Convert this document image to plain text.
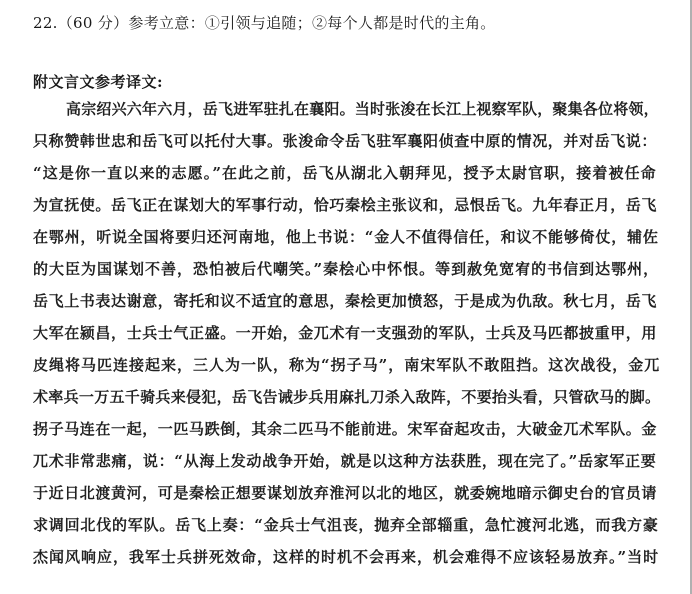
22.（60 分）参考立意：①引领与追随；②每个人都是时代的主角。
附文言文参考译文:
高宗绍兴六年六月，岳飞进军驻扎在襄阳。当时张浚在长江上视察军队，聚集各位将领，
只称赞韩世忠和岳飞可以托付大事。张浚命令岳飞驻军襄阳侦查中原的情况，并对岳飞说：
“这是你一直以来的志愿。”在此之前，岳飞从湖北入朝拜见，授予太尉官职，接着被任命
为宣抚使。岳飞正在谋划大的军事行动，恰巧秦桧主张议和，忌恨岳飞。九年春正月，岳飞
在鄂州，听说全国将要归还河南地，他上书说：“金人不值得信任，和议不能够倚仗，辅佐
的大臣为国谋划不善，恐怕被后代嘲笑。”秦桧心中怀恨。等到赦免宽宥的书信到达鄂州，
岳飞上书表达谢意，寄托和议不适宜的意思，秦桧更加愤怒，于是成为仇敌。秋七月，岳飞
大军在颍昌，士兵士气正盛。一开始，金兀术有一支强劲的军队，士兵及马匹都披重甲，用
皮绳将马匹连接起来，三人为一队，称为“拐子马”，南宋军队不敢阻挡。这次战役，金兀
术率兵一万五千骑兵来侵犯，岳飞告诫步兵用麻扎刀杀入敌阵，不要抬头看，只管砍马的脚。
拐子马连在一起，一匹马跌倒，其余二匹马不能前进。宋军奋起攻击，大破金兀术军队。金
兀术非常悲痛，说：“从海上发动战争开始，就是以这种方法获胜，现在完了。”岳家军正要
于近日北渡黄河，可是秦桧正想要谋划放弃淮河以北的地区，就委婉地暗示御史台的官员请
求调回北伐的军队。岳飞上奏：“金兵士气沮丧，抛弃全部辎重，急忙渡河北逃，而我方豪
杰闻风响应，我军士兵拼死效命，这样的时机不会再来，机会难得不应该轻易放弃。”当时
